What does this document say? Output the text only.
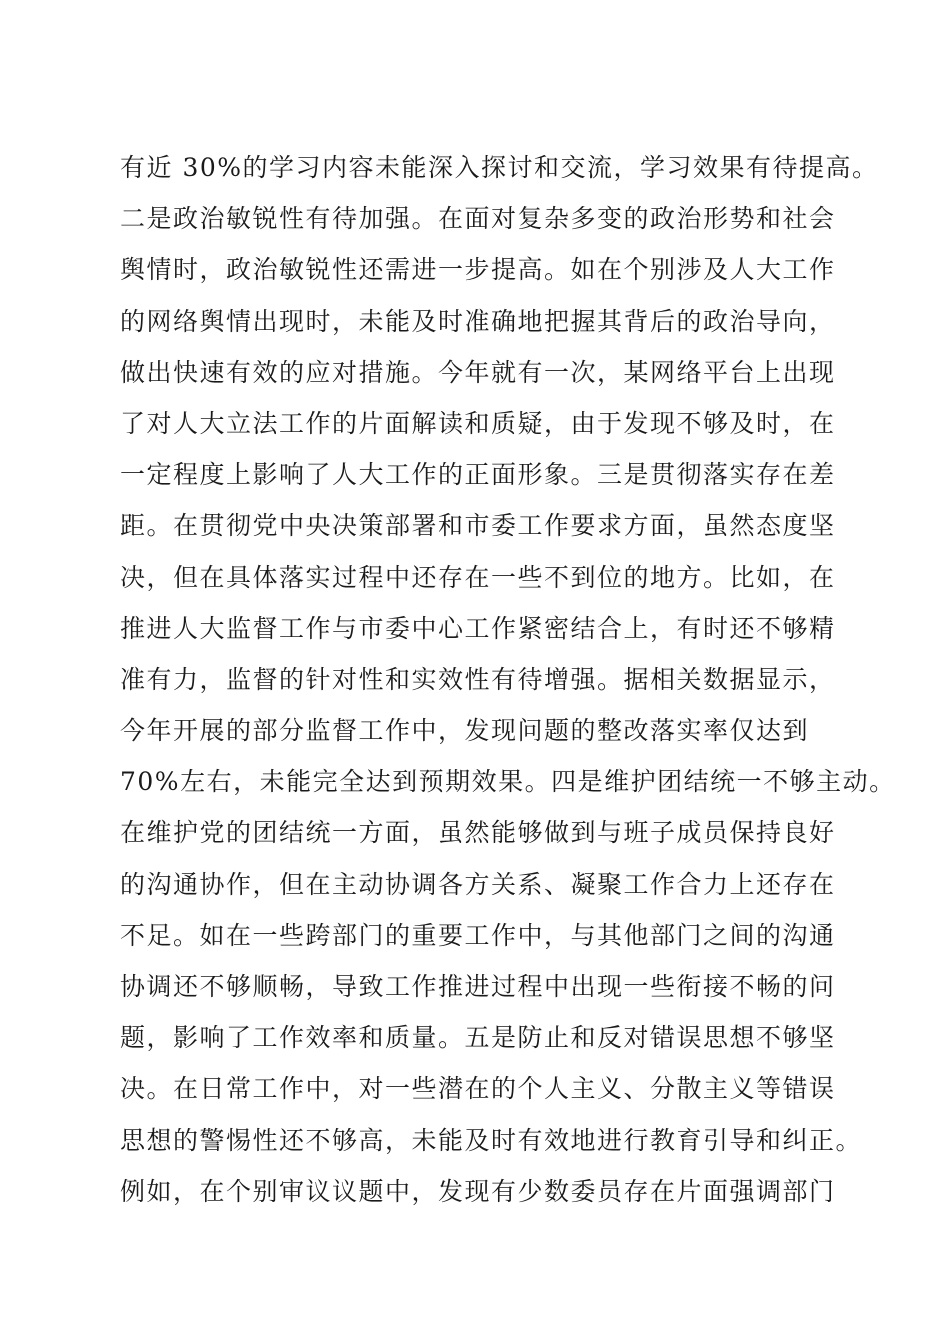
有近 30%的学习内容未能深入探讨和交流，学习效果有待提高。
二是政治敏锐性有待加强。在面对复杂多变的政治形势和社会
舆情时，政治敏锐性还需进一步提高。如在个别涉及人大工作
的网络舆情出现时，未能及时准确地把握其背后的政治导向，
做出快速有效的应对措施。今年就有一次，某网络平台上出现
了对人大立法工作的片面解读和质疑，由于发现不够及时，在
一定程度上影响了人大工作的正面形象。三是贯彻落实存在差
距。在贯彻党中央决策部署和市委工作要求方面，虽然态度坚
决，但在具体落实过程中还存在一些不到位的地方。比如，在
推进人大监督工作与市委中心工作紧密结合上，有时还不够精
准有力，监督的针对性和实效性有待增强。据相关数据显示，
今年开展的部分监督工作中，发现问题的整改落实率仅达到
70%左右，未能完全达到预期效果。四是维护团结统一不够主动。
在维护党的团结统一方面，虽然能够做到与班子成员保持良好
的沟通协作，但在主动协调各方关系、凝聚工作合力上还存在
不足。如在一些跨部门的重要工作中，与其他部门之间的沟通
协调还不够顺畅，导致工作推进过程中出现一些衔接不畅的问
题，影响了工作效率和质量。五是防止和反对错误思想不够坚
决。在日常工作中，对一些潜在的个人主义、分散主义等错误
思想的警惕性还不够高，未能及时有效地进行教育引导和纠正。
例如，在个别审议议题中，发现有少数委员存在片面强调部门
